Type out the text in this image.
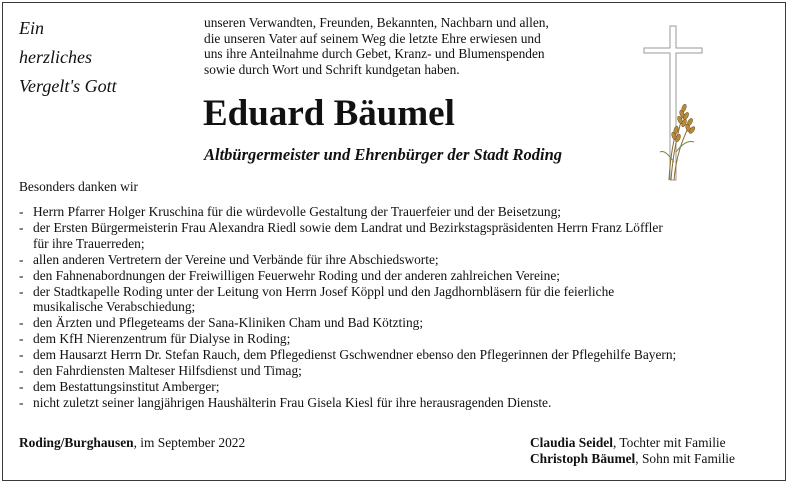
Ein
herzliches
Vergelt's Gott
unseren Verwandten, Freunden, Bekannten, Nachbarn und allen,
die unseren Vater auf seinem Weg die letzte Ehre erwiesen und
uns ihre Anteilnahme durch Gebet, Kranz- und Blumenspenden
sowie durch Wort und Schrift kundgetan haben.
Eduard Bäumel
Altbürgermeister und Ehrenbürger der Stadt Roding
Besonders danken wir
- Herrn Pfarrer Holger Kruschina für die würdevolle Gestaltung der Trauerfeier und der Beisetzung;
- der Ersten Bürgermeisterin Frau Alexandra Riedl sowie dem Landrat und Bezirkstagspräsidenten Herrn Franz Löffler
für ihre Trauerreden;
- allen anderen Vertretern der Vereine und Verbände für ihre Abschiedsworte;
- den Fahnenabordnungen der Freiwilligen Feuerwehr Roding und der anderen zahlreichen Vereine;
- der Stadtkapelle Roding unter der Leitung von Herrn Josef Köppl und den Jagdhornbläsern für die feierliche
musikalische Verabschiedung;
- den Ärzten und Pflegeteams der Sana-Kliniken Cham und Bad Kötzting;
- dem KfH Nierenzentrum für Dialyse in Roding;
- dem Hausarzt Herrn Dr. Stefan Rauch, dem Pflegedienst Gschwendner ebenso den Pflegerinnen der Pflegehilfe Bayern;
- den Fahrdiensten Malteser Hilfsdienst und Timag;
- dem Bestattungsinstitut Amberger;
- nicht zuletzt seiner langjährigen Haushälterin Frau Gisela Kiesl für ihre herausragenden Dienste.
Roding/Burghausen, im September 2022	Claudia Seidel, Tochter mit Familie
Christoph Bäumel, Sohn mit Familie
